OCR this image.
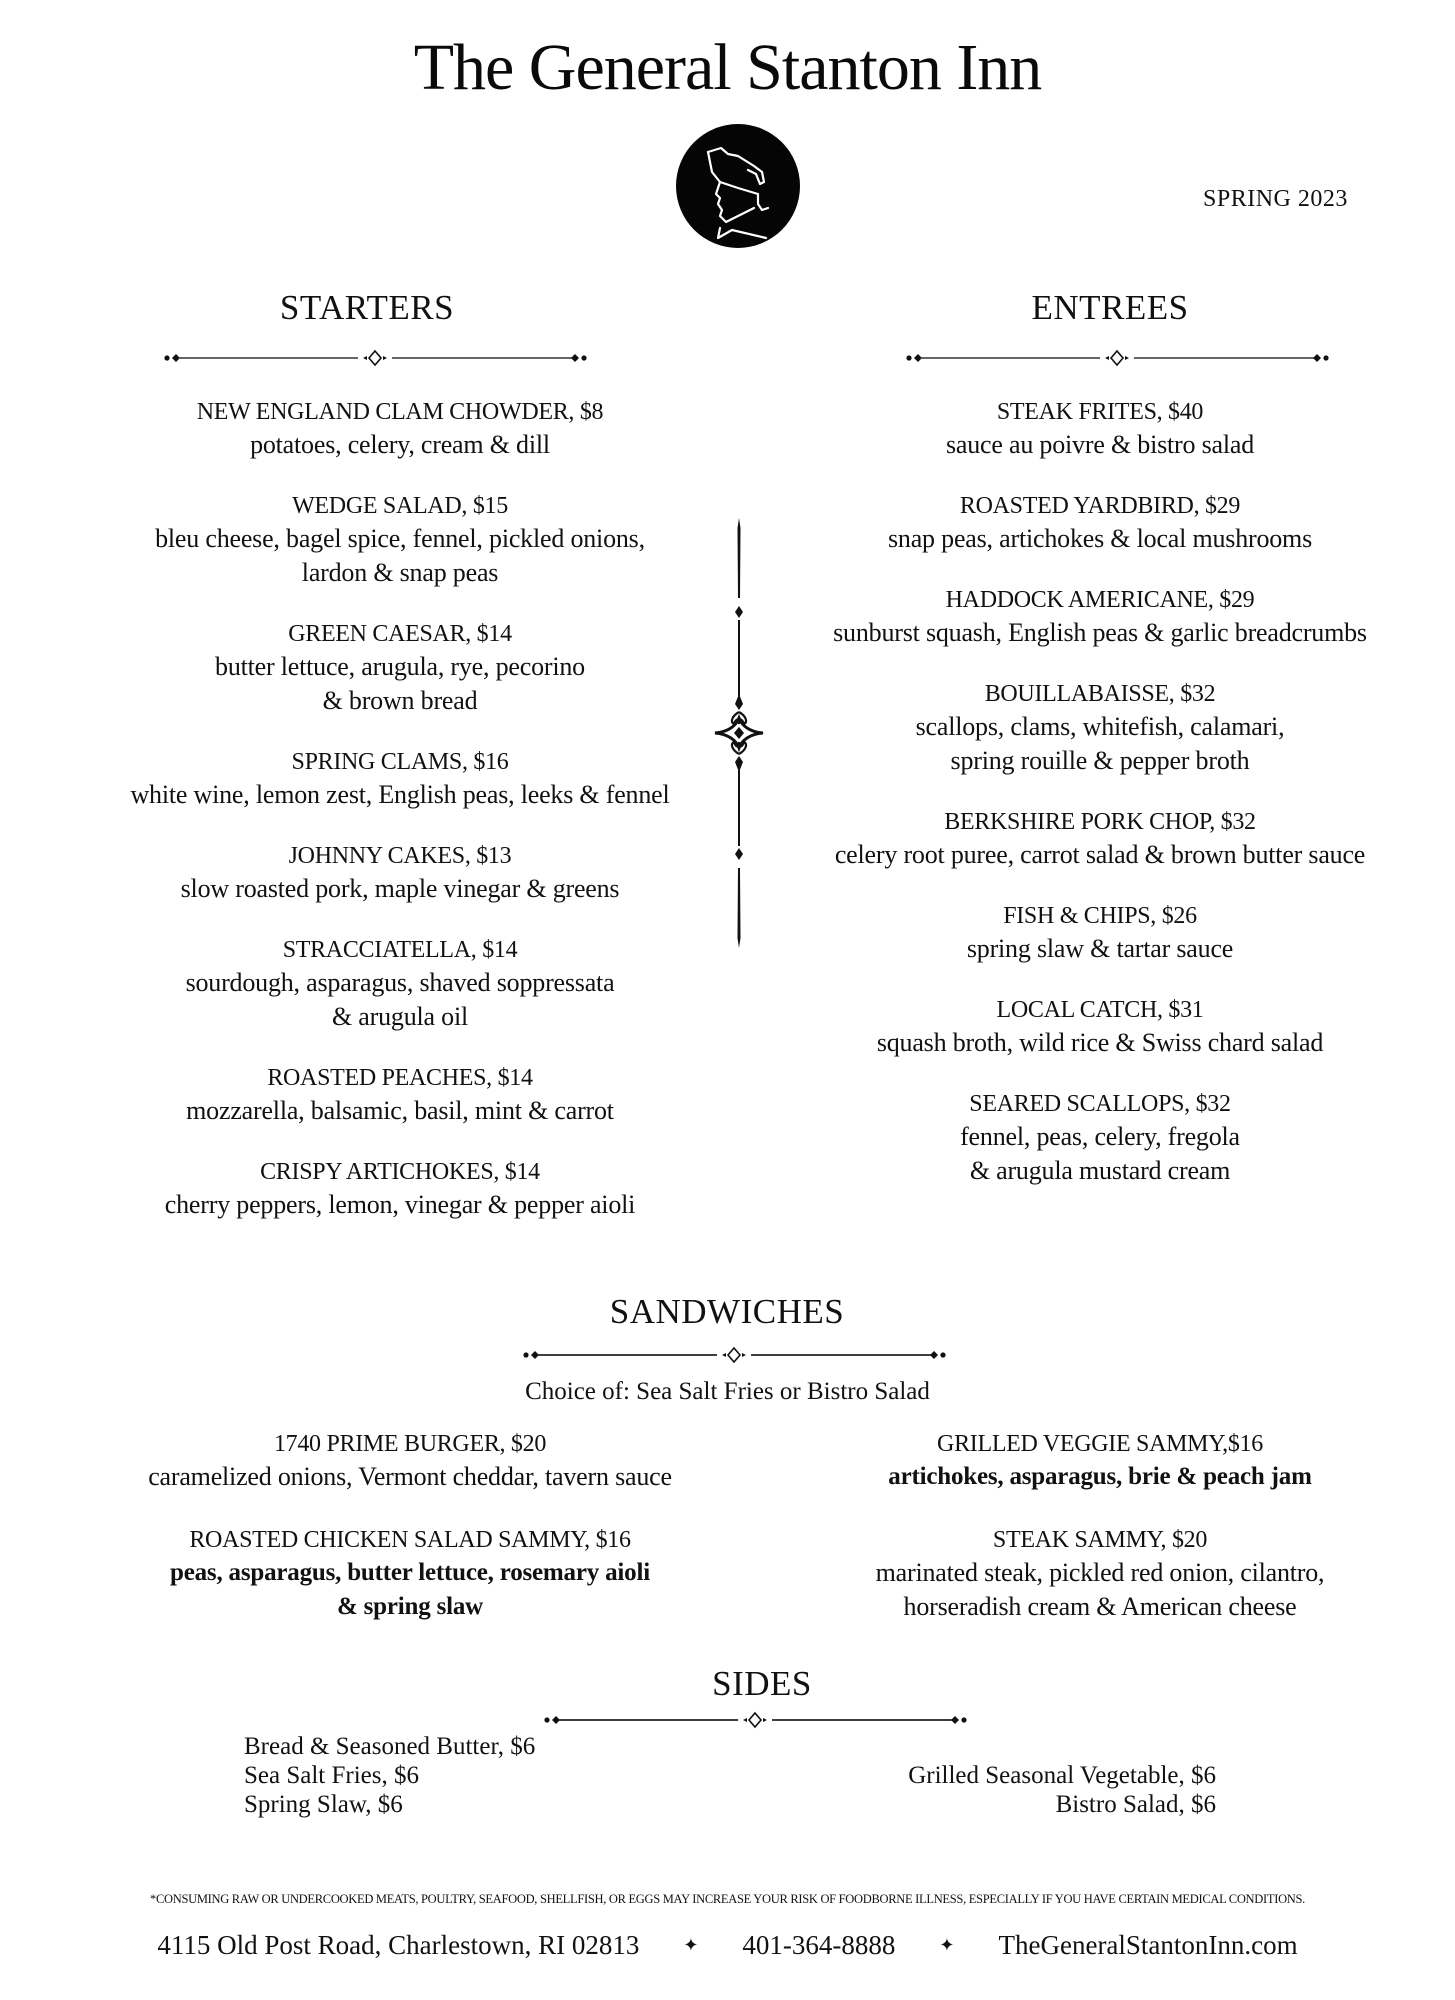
The General Stanton Inn
SPRING 2023
STARTERS	ENTREES
NEW ENGLAND CLAM CHOWDER, $8
potatoes, celery, cream & dill
WEDGE SALAD, $15
bleu cheese, bagel spice, fennel, pickled onions,
lardon & snap peas
GREEN CAESAR, $14
butter lettuce, arugula, rye, pecorino
& brown bread
SPRING CLAMS, $16
white wine, lemon zest, English peas, leeks & fennel
JOHNNY CAKES, $13
slow roasted pork, maple vinegar & greens
STRACCIATELLA, $14
sourdough, asparagus, shaved soppressata
& arugula oil
ROASTED PEACHES, $14
mozzarella, balsamic, basil, mint & carrot
CRISPY ARTICHOKES, $14
cherry peppers, lemon, vinegar & pepper aioli
STEAK FRITES, $40
sauce au poivre & bistro salad
ROASTED YARDBIRD, $29
snap peas, artichokes & local mushrooms
HADDOCK AMERICANE, $29
sunburst squash, English peas & garlic breadcrumbs
BOUILLABAISSE, $32
scallops, clams, whitefish, calamari,
spring rouille & pepper broth
BERKSHIRE PORK CHOP, $32
celery root puree, carrot salad & brown butter sauce
FISH & CHIPS, $26
spring slaw & tartar sauce
LOCAL CATCH, $31
squash broth, wild rice & Swiss chard salad
SEARED SCALLOPS, $32
fennel, peas, celery, fregola
& arugula mustard cream
SANDWICHES
Choice of: Sea Salt Fries or Bistro Salad
1740 PRIME BURGER, $20
caramelized onions, Vermont cheddar, tavern sauce
ROASTED CHICKEN SALAD SAMMY, $16
peas, asparagus, butter lettuce, rosemary aioli
& spring slaw
GRILLED VEGGIE SAMMY,$16
artichokes, asparagus, brie & peach jam
STEAK SAMMY, $20
marinated steak, pickled red onion, cilantro,
horseradish cream & American cheese
SIDES
Bread & Seasoned Butter, $6
Sea Salt Fries, $6
Spring Slaw, $6
Grilled Seasonal Vegetable, $6
Bistro Salad, $6
*CONSUMING RAW OR UNDERCOOKED MEATS, POULTRY, SEAFOOD, SHELLFISH, OR EGGS MAY INCREASE YOUR RISK OF FOODBORNE ILLNESS, ESPECIALLY IF YOU HAVE CERTAIN MEDICAL CONDITIONS.
4115 Old Post Road, Charlestown, RI 02813 ✦ 401-364-8888 ✦ TheGeneralStantonInn.com
